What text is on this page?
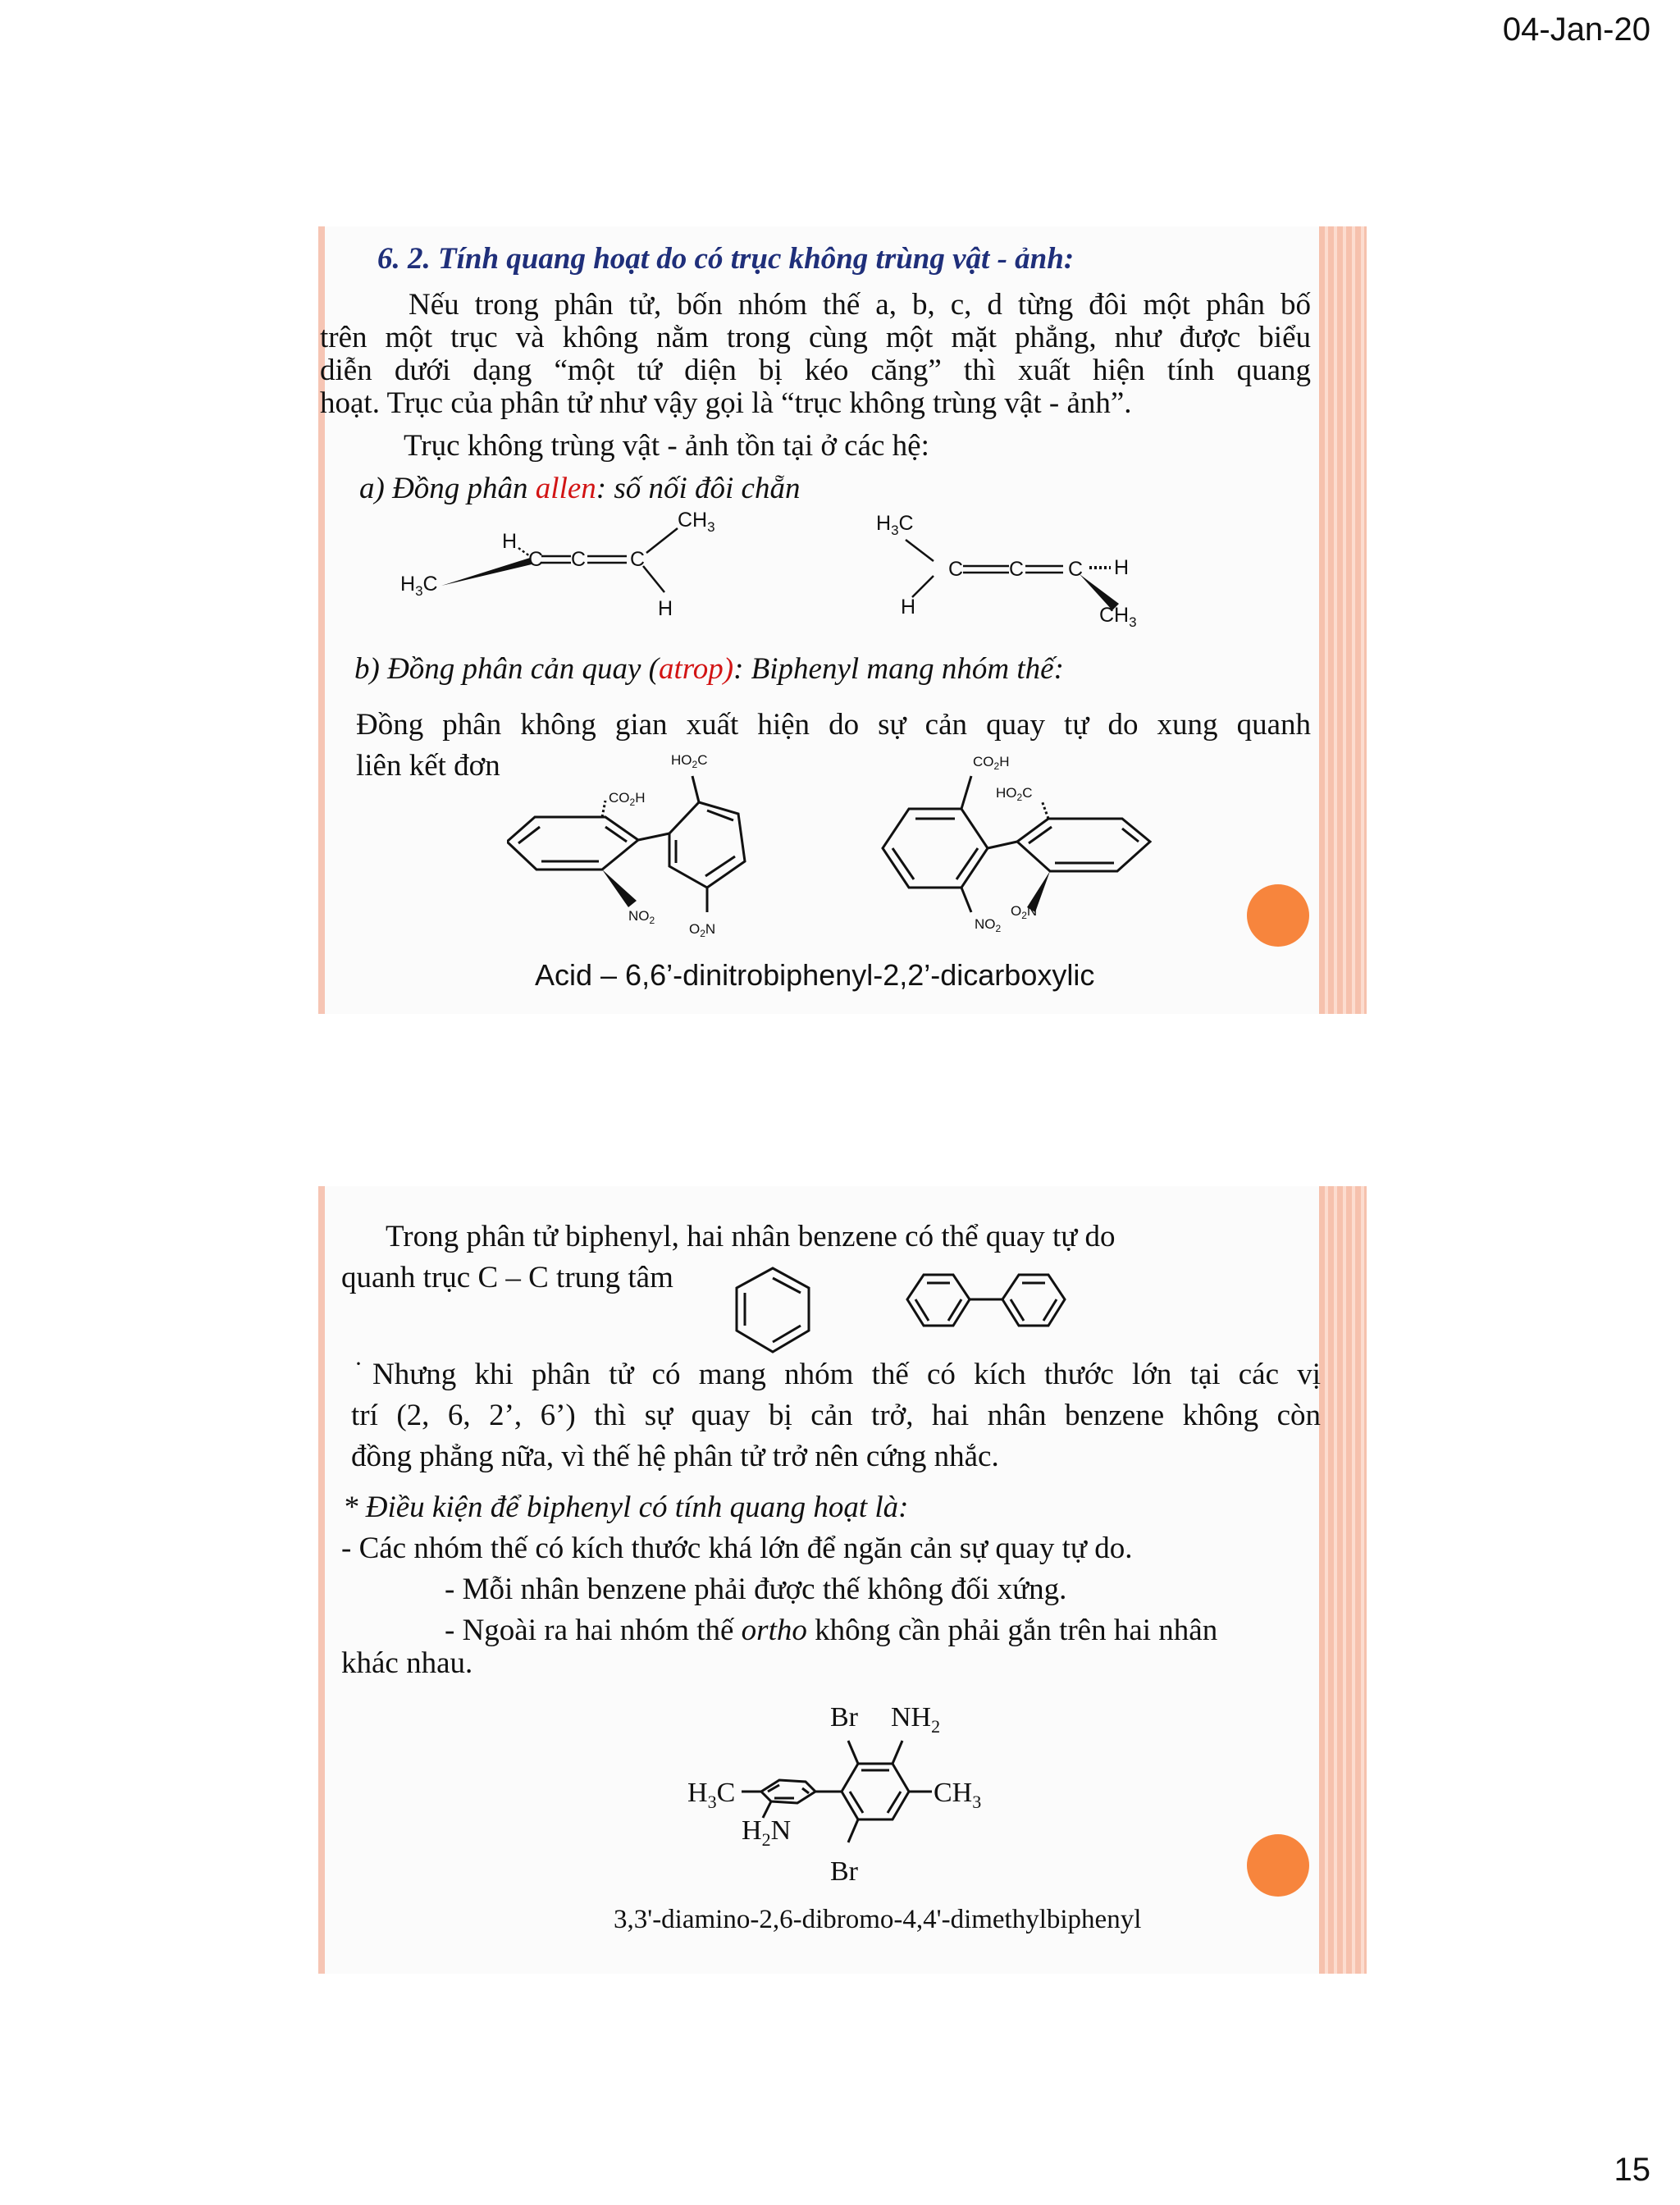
04-Jan-20

6. 2. Tính quang hoạt do có trục không trùng vật - ảnh:

Nếu trong phân tử, bốn nhóm thế a, b, c, d từng đôi một phân bố

trên một trục và không nằm trong cùng một mặt phẳng, như được biểu

diễn dưới dạng “một tứ diện bị kéo căng” thì xuất hiện tính quang

hoạt. Trục của phân tử như vậy gọi là “trục không trùng vật - ảnh”.

Trục không trùng vật - ảnh tồn tại ở các hệ:

a) Đồng phân allen: số nối đôi chẵn

H
C C C
$CH_3$
H
$H_3C$
$H_3C$
C C C H
H	$CH_3$

b) Đồng phân cản quay (atrop): Biphenyl mang nhóm thế:

Đồng phân không gian xuất hiện do sự cản quay tự do xung quanh

liên kết đơn	$HO_2C$
$CO_2H$
$NO_2$
$O_2N$
$CO_2H$
$HO_2C$
$NO_2$
$O_2N$

Acid – 6,6’-dinitrobiphenyl-2,2’-dicarboxylic

Trong phân tử biphenyl, hai nhân benzene có thể quay tự do

quanh trục C – C trung tâm

· Nhưng khi phân tử có mang nhóm thế có kích thước lớn tại các vị

trí (2, 6, 2’, 6’) thì sự quay bị cản trở, hai nhân benzene không còn

đồng phẳng nữa, vì thế hệ phân tử trở nên cứng nhắc.

* Điều kiện để biphenyl có tính quang hoạt là:

- Các nhóm thế có kích thước khá lớn để ngăn cản sự quay tự do.

- Mỗi nhân benzene phải được thế không đối xứng.

- Ngoài ra hai nhóm thế ortho không cần phải gắn trên hai nhân

khác nhau.

Br $NH_2$
$H_3C$	$CH_3$
$H_2N$
Br

3,3'-diamino-2,6-dibromo-4,4'-dimethylbiphenyl

15
